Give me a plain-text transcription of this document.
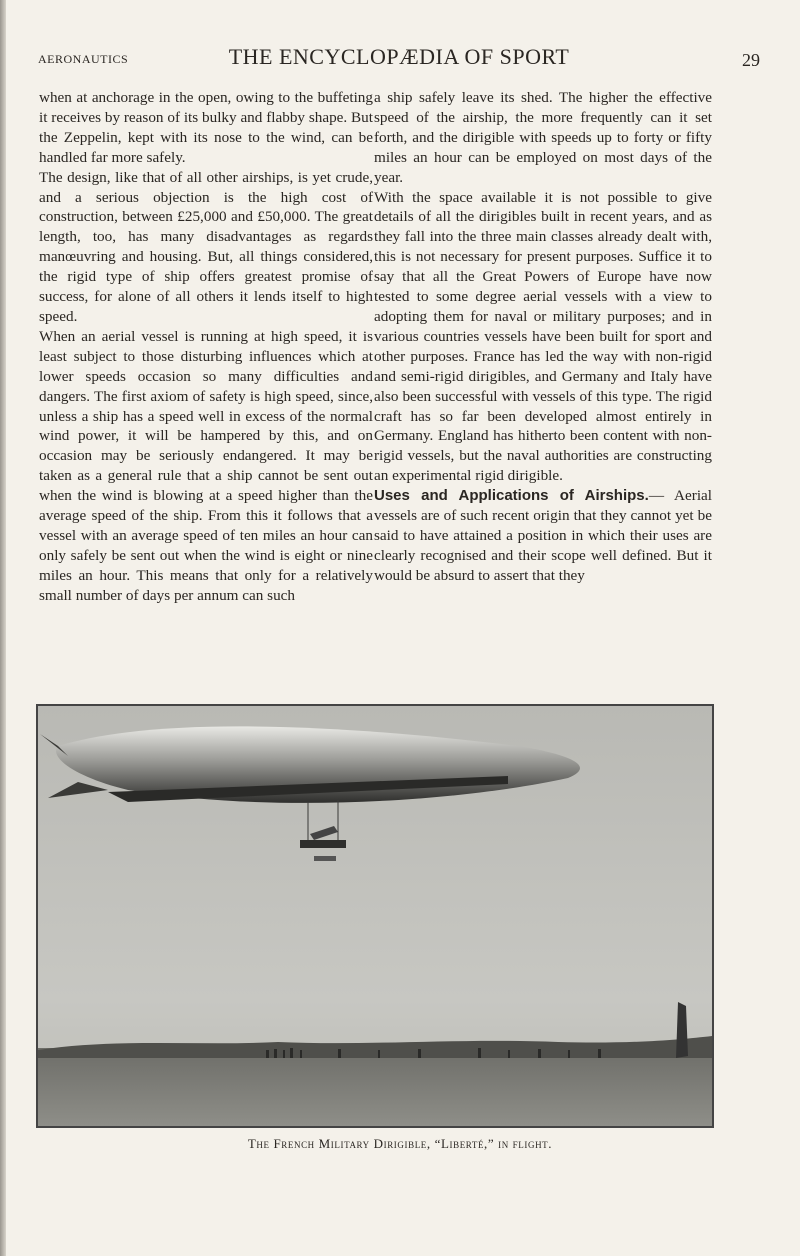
AERONAUTICS	THE ENCYCLOPÆDIA OF SPORT	29

when at anchorage in the open, owing to the buffeting it receives by reason of its bulky and flabby shape. But the Zeppelin, kept with its nose to the wind, can be handled far more safely.

The design, like that of all other airships, is yet crude, and a serious objection is the high cost of construction, between £25,000 and £50,000. The great length, too, has many disadvantages as regards manœuvring and housing. But, all things considered, the rigid type of ship offers greatest promise of success, for alone of all others it lends itself to high speed.

When an aerial vessel is running at high speed, it is least subject to those disturbing influences which at lower speeds occasion so many difficulties and dangers. The first axiom of safety is high speed, since, unless a ship has a speed well in excess of the normal wind power, it will be hampered by this, and on occasion may be seriously endangered. It may be taken as a general rule that a ship cannot be sent out when the wind is blowing at a speed higher than the average speed of the ship. From this it follows that a vessel with an average speed of ten miles an hour can only safely be sent out when the wind is eight or nine miles an hour. This means that only for a relatively small number of days per annum can such

a ship safely leave its shed. The higher the effective speed of the airship, the more frequently can it set forth, and the dirigible with speeds up to forty or fifty miles an hour can be employed on most days of the year.

With the space available it is not possible to give details of all the dirigibles built in recent years, and as they fall into the three main classes already dealt with, this is not necessary for present purposes. Suffice it to say that all the Great Powers of Europe have now tested to some degree aerial vessels with a view to adopting them for naval or military purposes; and in various countries vessels have been built for sport and other purposes. France has led the way with non-rigid and semi-rigid dirigibles, and Germany and Italy have also been successful with vessels of this type. The rigid craft has so far been developed almost entirely in Germany. England has hitherto been content with non-rigid vessels, but the naval authorities are constructing an experimental rigid dirigible.

Uses and Applications of Airships.— Aerial vessels are of such recent origin that they cannot yet be said to have attained a position in which their uses are clearly recognised and their scope well defined. But it would be absurd to assert that they

The French Military Dirigible, “Liberté,” in flight.
